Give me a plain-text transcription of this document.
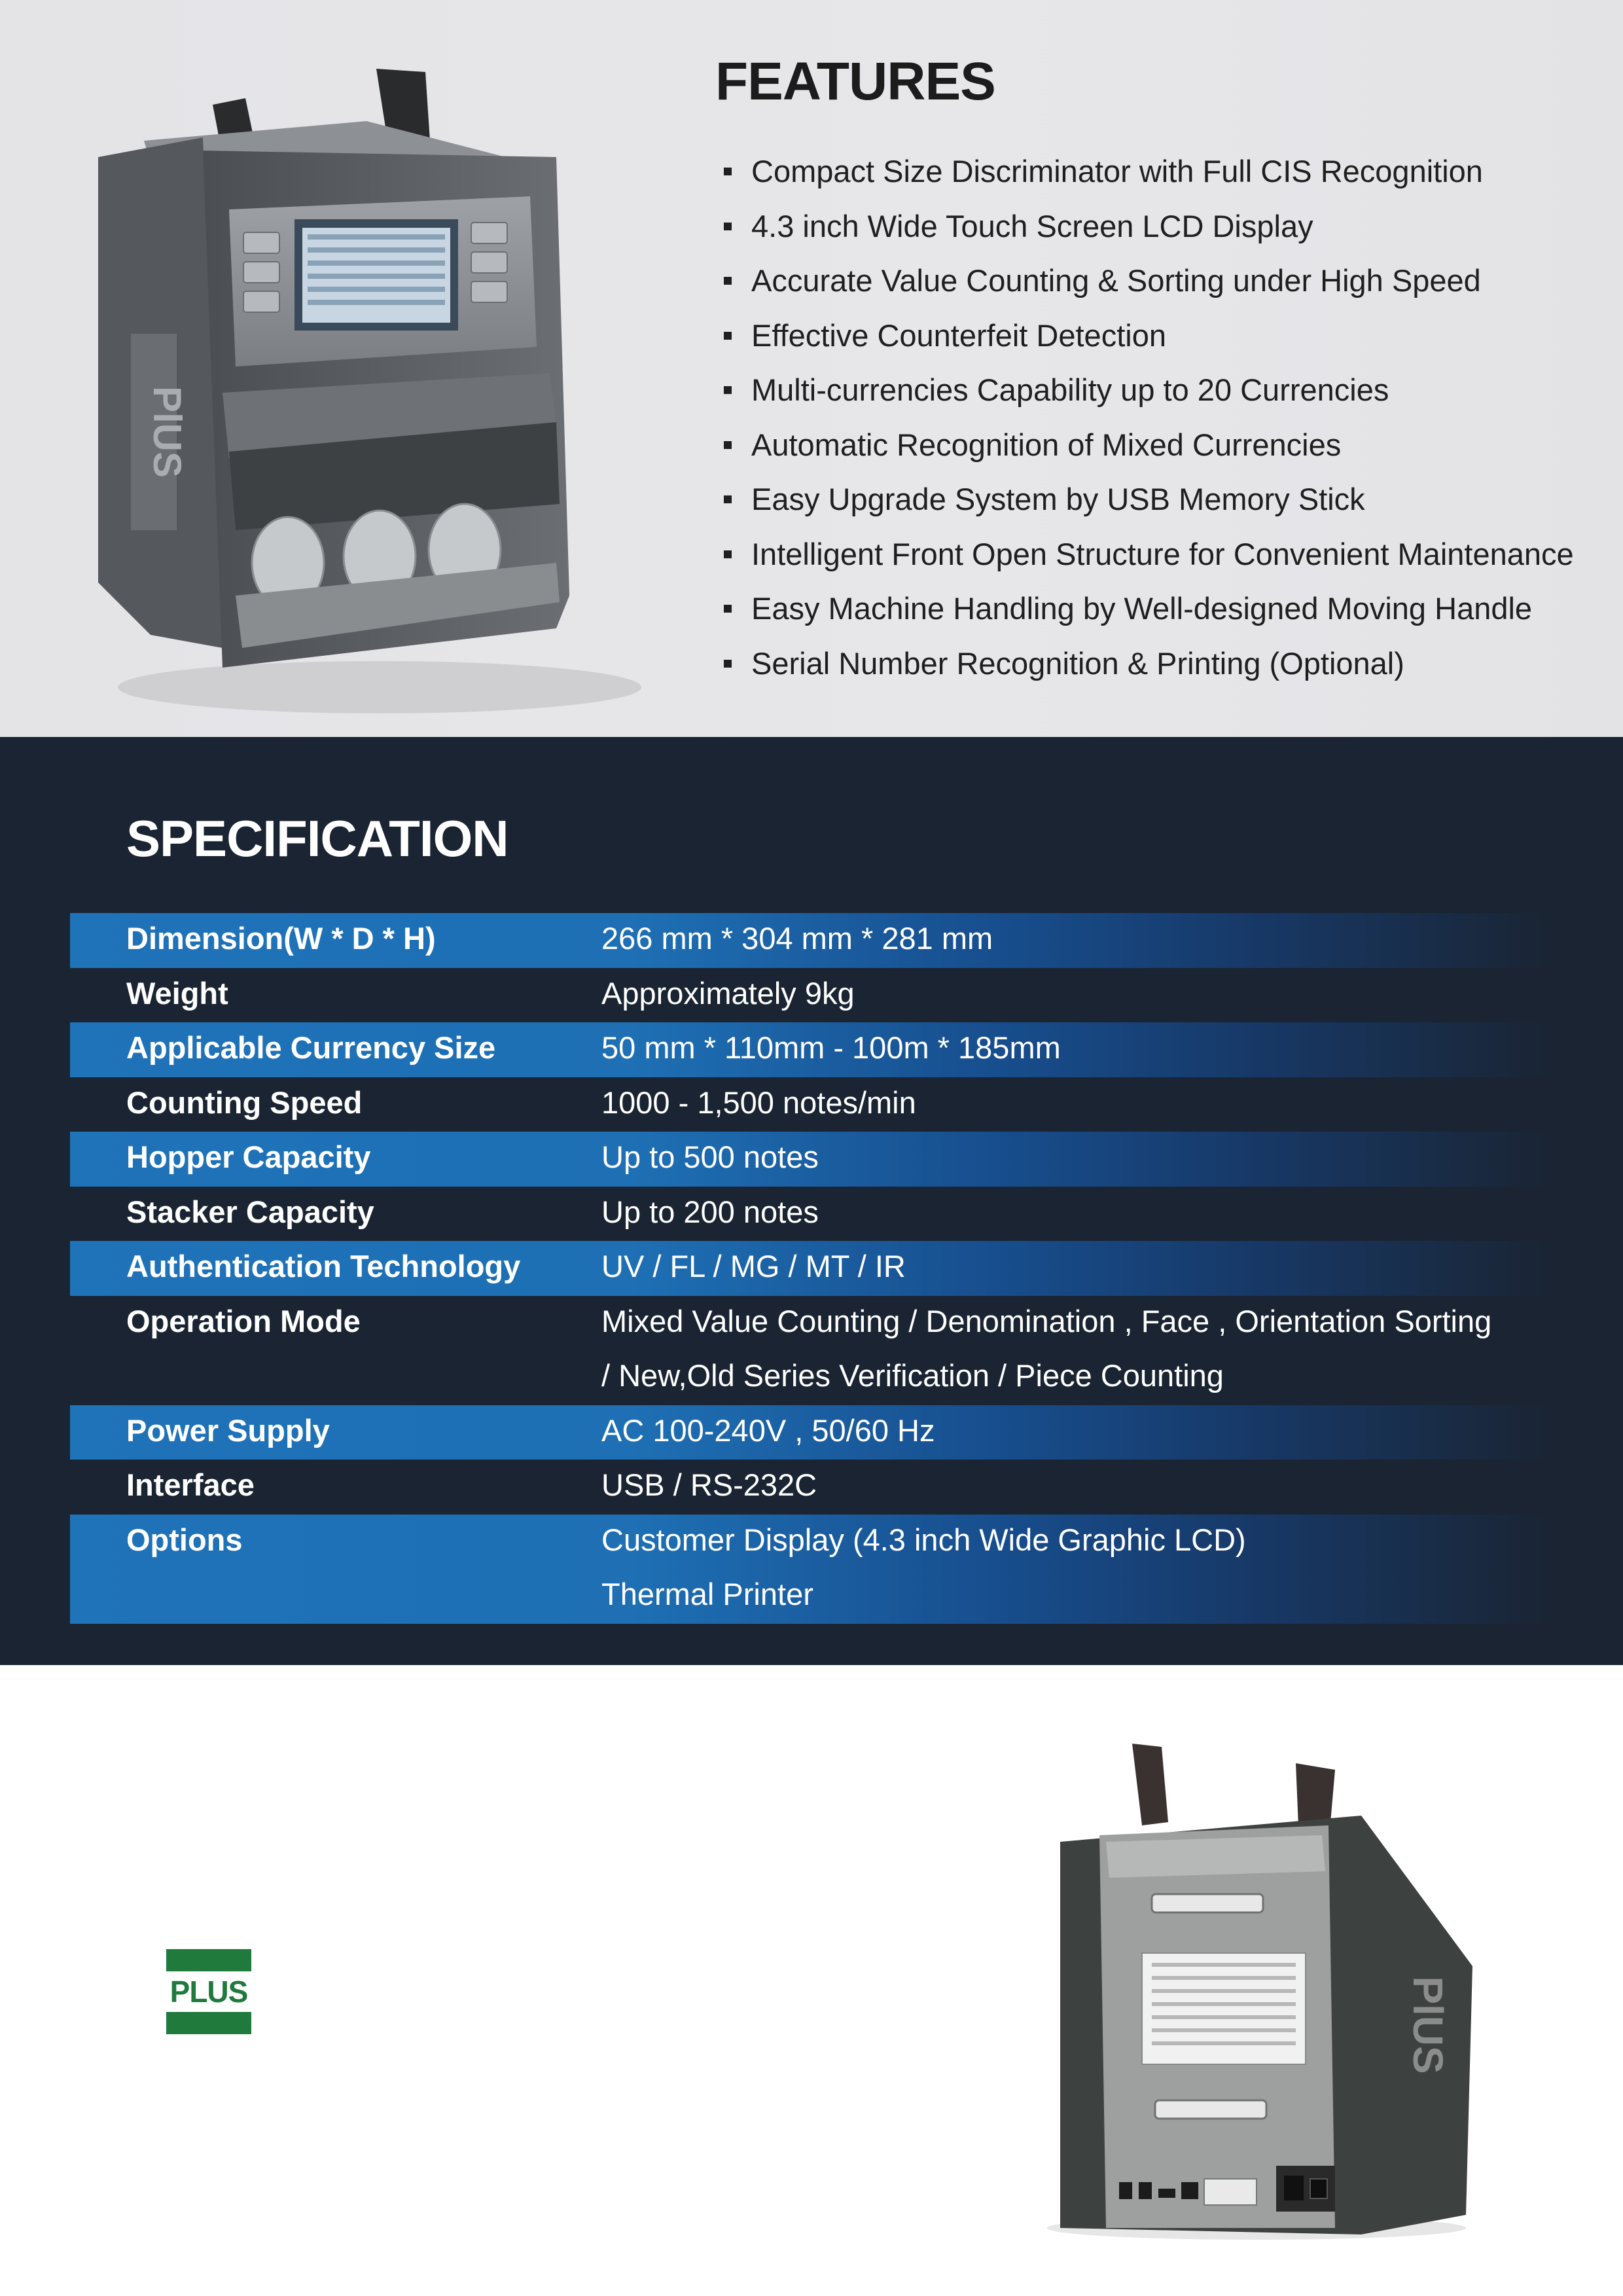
PlUS
FEATURES
Compact Size Discriminator with Full CIS Recognition
4.3 inch Wide Touch Screen LCD Display
Accurate Value Counting & Sorting under High Speed
Effective Counterfeit Detection
Multi-currencies Capability up to 20 Currencies
Automatic Recognition of Mixed Currencies
Easy Upgrade System by USB Memory Stick
Intelligent Front Open Structure for Convenient Maintenance
Easy Machine Handling by Well-designed Moving Handle
Serial Number Recognition & Printing (Optional)
SPECIFICATION
Dimension(W * D * H)	266 mm * 304 mm * 281 mm
Weight	Approximately 9kg
Applicable Currency Size	50 mm * 110mm - 100m * 185mm
Counting Speed	1000 - 1,500 notes/min
Hopper Capacity	Up to 500 notes
Stacker Capacity	Up to 200 notes
Authentication Technology	UV / FL / MG / MT / IR
Operation Mode	Mixed Value Counting / Denomination , Face , Orientation Sorting
/ New,Old Series Verification / Piece Counting
Power Supply	AC 100-240V , 50/60 Hz
Interface	USB / RS-232C
Options	Customer Display (4.3 inch Wide Graphic LCD)
Thermal Printer
PLUS	PlUS
